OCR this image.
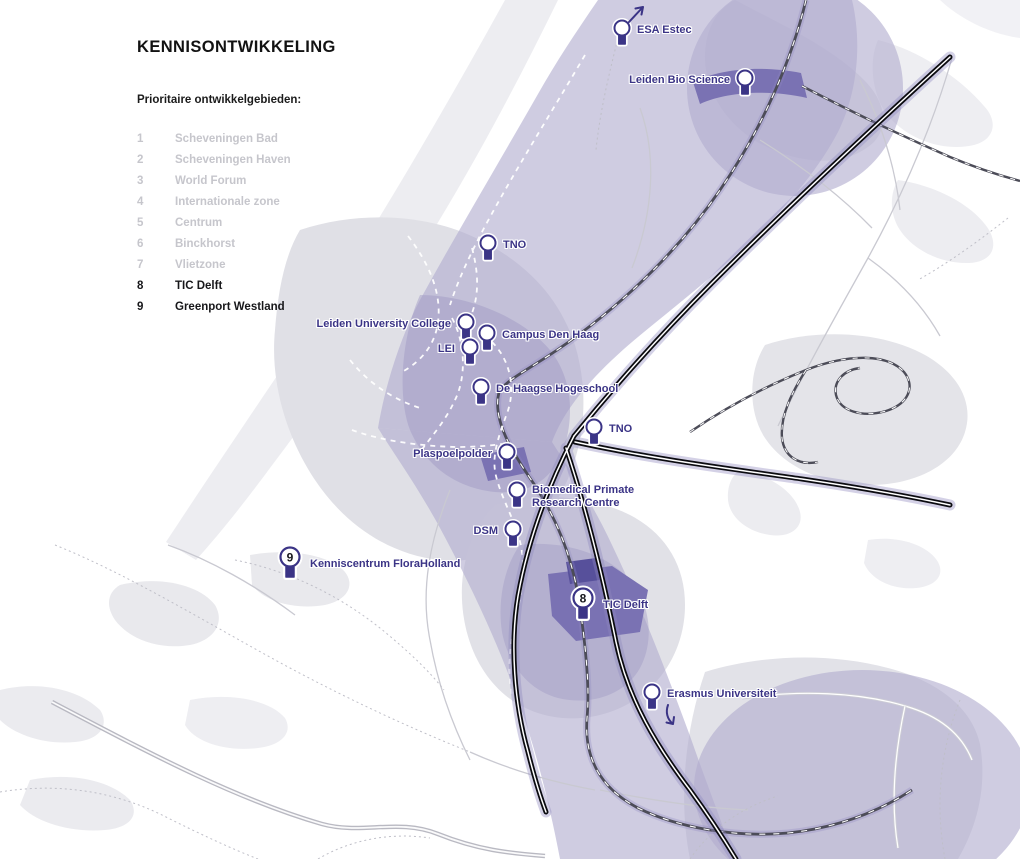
KENNISONTWIKKELING
Prioritaire ontwikkelgebieden:
1	Scheveningen Bad
2	Scheveningen Haven
3	World Forum
4	Internationale zone
5	Centrum
6	Binckhorst
7	Vlietzone
8	TIC Delft
9	Greenport Westland
ESA Estec
Leiden Bio Science
TNO
Leiden University College
Campus Den Haag
LEI
De Haagse Hogeschool
Plaspoelpolder
TNO
Biomedical Primate
Research Centre
DSM
9 Kenniscentrum FloraHolland
8 TIC Delft
Erasmus Universiteit
